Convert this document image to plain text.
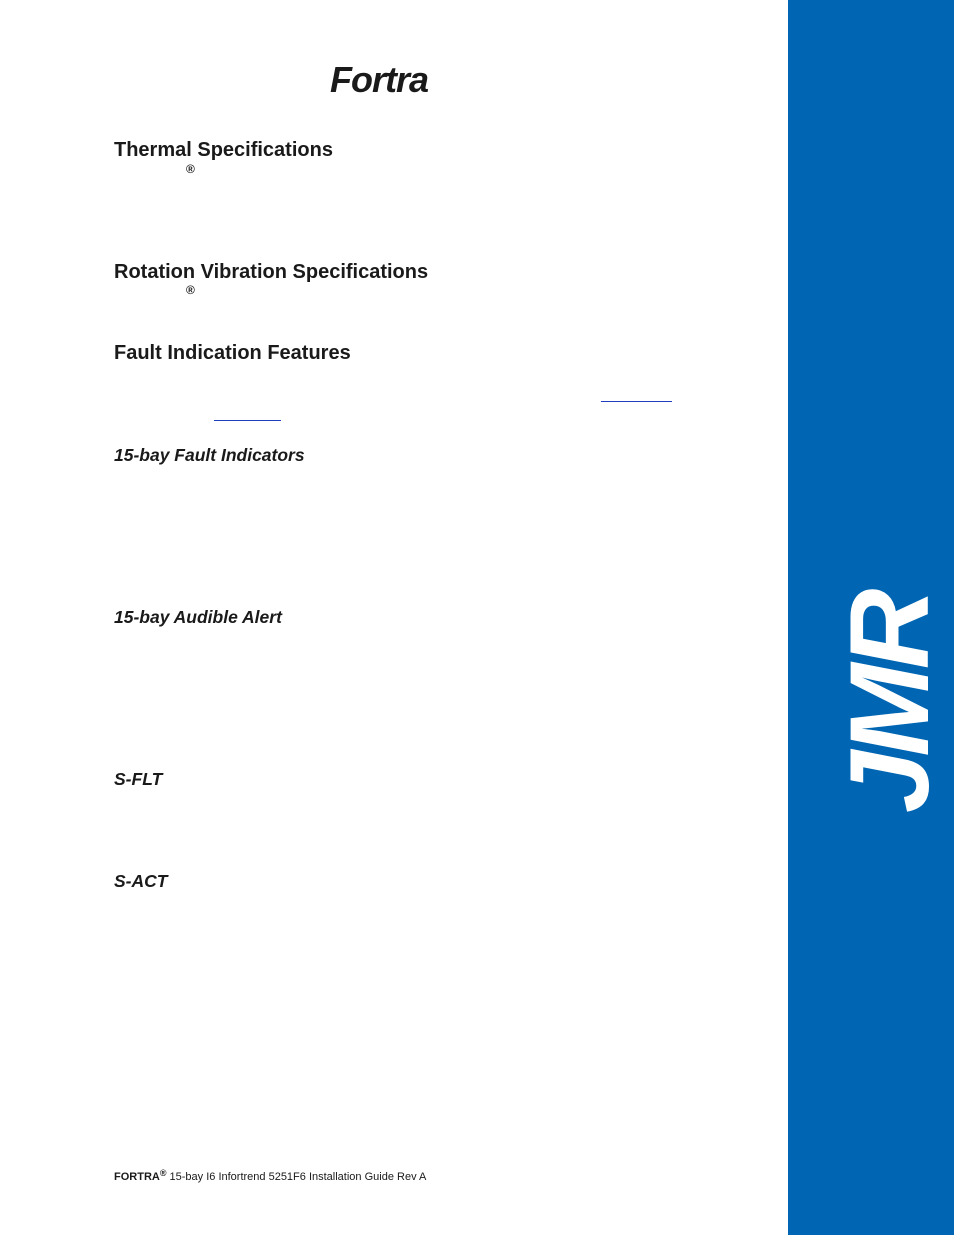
Fortra
Thermal Specifications
®
Rotation Vibration Specifications
®
Fault Indication Features
15-bay Fault Indicators
15-bay Audible Alert
S-FLT
S-ACT
FORTRA® 15-bay I6 Infortrend 5251F6 Installation Guide Rev A
JMR
